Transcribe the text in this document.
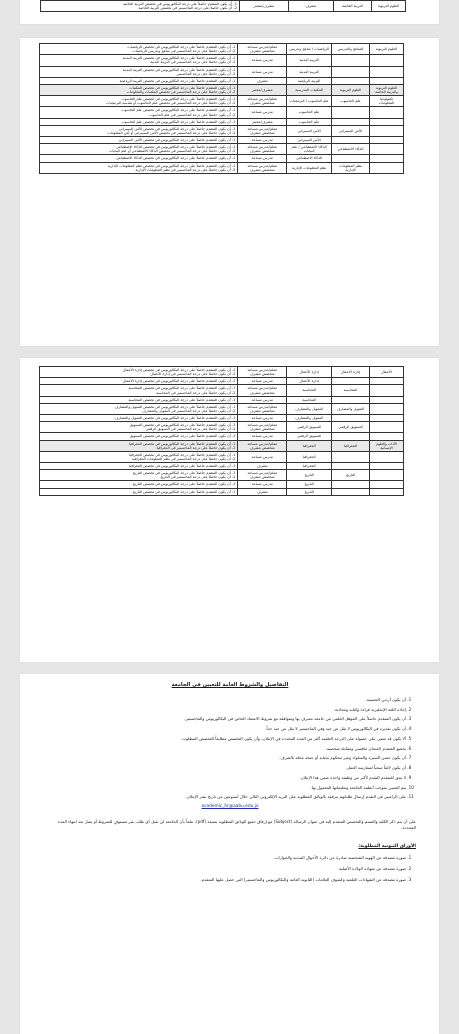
العلوم التربوية	التربية الخاصة	مشرف	مشرف/مختبر	
1- أن يكون المتقدم حاصلاً على درجة البكالوريوس في تخصص التربية الخاصة
2- أن يكون حاصلاً على درجة الماجستير في تخصص التربية الخاصة
العلوم التربوية	المناهج والتدريس	الرياضيات / مناهج وتدريس	معلم/مدرس مساعد متخصص مشرف	1- أن يكون المتقدم حاصلاً على درجة البكالوريوس في تخصص الرياضيات
2- أن يكون حاصلاً على درجة الماجستير في مناهج وتدريس الرياضيات

		التربية البدنية	مدرس مساعد	1- أن يكون المتقدم حاصلاً على درجة البكالوريوس في تخصص التربية البدنية
2- أن يكون حاصلاً على درجة الماجستير في التربية البدنية

		التربية البدنية	مدرس مساعد	1- أن يكون المتقدم حاصلاً على درجة البكالوريوس في تخصص التربية البدنية
2- أن يكون حاصلاً على درجة الماجستير

		التربية الرياضية	مشرف	1- أن يكون المتقدم حاصلاً على درجة البكالوريوس في تخصص التربية الرياضية

العلوم التربوية والتربية الخاصة	العلوم التربوية	المكتبات المدرسية	مشرف/مختبر	1- أن يكون المتقدم حاصلاً على درجة البكالوريوس في تخصص المكتبات
2- أن يكون حاصلاً على درجة الماجستير في تخصص المكتبات والمعلومات

تكنولوجيا المعلومات	علم الحاسوب	علم الحاسوب / البرمجيات	معلم/مدرس مساعد متخصص مشرف	1- أن يكون المتقدم حاصلاً على درجة البكالوريوس في تخصص علم الحاسوب
2- أن يكون حاصلاً على درجة الماجستير في تخصص علم الحاسوب أو هندسة البرمجيات

		علم الحاسوب	مدرس مساعد	1- أن يكون المتقدم حاصلاً على درجة البكالوريوس في تخصص علم الحاسوب
2- أن يكون حاصلاً على درجة الماجستير في علم الحاسوب

		علم الحاسوب	مشرف/مختبر	1- أن يكون المتقدم حاصلاً على درجة البكالوريوس في تخصص علم الحاسوب

	الأمن السيبراني	الأمن السيبراني	معلم/مدرس مساعد متخصص مشرف	1- أن يكون المتقدم حاصلاً على درجة البكالوريوس في تخصص الأمن السيبراني
2- أن يكون حاصلاً على درجة الماجستير في تخصص الأمن السيبراني أو أمن المعلومات

		الأمن السيبراني	مدرس مساعد	1- أن يكون المتقدم حاصلاً على درجة البكالوريوس في تخصص الأمن السيبراني

	الذكاء الاصطناعي	الذكاء الاصطناعي / علم البيانات	معلم/مدرس مساعد متخصص مشرف	1- أن يكون المتقدم حاصلاً على درجة البكالوريوس في تخصص الذكاء الاصطناعي
2- أن يكون حاصلاً على درجة الماجستير في تخصص الذكاء الاصطناعي أو علم البيانات

		الذكاء الاصطناعي	مدرس مساعد	1- أن يكون المتقدم حاصلاً على درجة البكالوريوس في تخصص الذكاء الاصطناعي

	نظم المعلومات الإدارية	نظم المعلومات الإدارية	معلم/مدرس مساعد متخصص مشرف	1- أن يكون المتقدم حاصلاً على درجة البكالوريوس في تخصص نظم المعلومات الإدارية
2- أن يكون حاصلاً على درجة الماجستير في نظم المعلومات الإدارية
الأعمال	إدارة الأعمال	إدارة الأعمال	معلم/مدرس مساعد متخصص مشرف	1- أن يكون المتقدم حاصلاً على درجة البكالوريوس في تخصص إدارة الأعمال
2- أن يكون حاصلاً على درجة الماجستير في إدارة الأعمال

		إدارة الأعمال	مدرس مساعد	1- أن يكون المتقدم حاصلاً على درجة البكالوريوس في تخصص إدارة الأعمال

	المحاسبة	المحاسبة	معلم/مدرس مساعد متخصص مشرف	1- أن يكون المتقدم حاصلاً على درجة البكالوريوس في تخصص المحاسبة
2- أن يكون حاصلاً على درجة الماجستير في المحاسبة

		المحاسبة	مدرس مساعد	1- أن يكون المتقدم حاصلاً على درجة البكالوريوس في تخصص المحاسبة

	التمويل والمصارف	التمويل والمصارف	معلم/مدرس مساعد متخصص مشرف	1- أن يكون المتقدم حاصلاً على درجة البكالوريوس في تخصص التمويل والمصارف
2- أن يكون حاصلاً على درجة الماجستير في التمويل والمصارف

		التمويل والمصارف	مدرس مساعد	1- أن يكون المتقدم حاصلاً على درجة البكالوريوس في تخصص التمويل والمصارف

	التسويق الرقمي	التسويق الرقمي	معلم/مدرس مساعد متخصص مشرف	1- أن يكون المتقدم حاصلاً على درجة البكالوريوس في تخصص التسويق
2- أن يكون حاصلاً على درجة الماجستير في التسويق الرقمي

		التسويق الرقمي	مدرس مساعد	1- أن يكون المتقدم حاصلاً على درجة البكالوريوس في تخصص التسويق

الآداب والعلوم الإنسانية	الجغرافيا	الجغرافيا	معلم/مدرس مساعد متخصص مشرف	1- أن يكون المتقدم حاصلاً على درجة البكالوريوس في تخصص الجغرافيا
2- أن يكون حاصلاً على درجة الماجستير في الجغرافيا

		الجغرافيا	مدرس مساعد	1- أن يكون المتقدم حاصلاً على درجة البكالوريوس في تخصص الجغرافيا
2- أن يكون حاصلاً على درجة الماجستير في نظم المعلومات الجغرافية

		الجغرافيا	مشرف	1- أن يكون المتقدم حاصلاً على درجة البكالوريوس في تخصص الجغرافيا

	التاريخ	التاريخ	معلم/مدرس مساعد متخصص مشرف	1- أن يكون المتقدم حاصلاً على درجة البكالوريوس في تخصص التاريخ
2- أن يكون حاصلاً على درجة الماجستير في التاريخ

		التاريخ	مدرس مساعد	1- أن يكون المتقدم حاصلاً على درجة البكالوريوس في تخصص التاريخ

		التاريخ	مشرف	1- أن يكون المتقدم حاصلاً على درجة البكالوريوس في تخصص التاريخ
التفاصيل والشروط العامة للتعيين في الجامعة
1. أن يكون أردني الجنسية.
2. إجادة اللغة الإنجليزية قراءة وكتابة ومحادثة.
3. أن يكون المتقدم حاصلاً على المؤهل العلمي من جامعة معترف بها ومتوافقة مع شروط الاعتماد الخاص في البكالوريوس والماجستير.
4. أن يكون تقديره في البكالوريوس لا يقل عن جيد وفي الماجستير لا يقل عن جيد جداً.
5. ألا يكون قد مضى على حصوله على الدرجة العلمية أكثر من المدة المحددة في الإعلان، وأن يكون التخصص مطابقاً للتخصص المطلوب.
6. يخضع المتقدم لامتحان تنافسي ومقابلة شخصية.
7. أن يكون حسن السيرة والسلوك وغير محكوم بجناية أو جنحة مخلة بالشرف.
8. أن يكون لائقاً صحياً لممارسة العمل.
9. لا يحق للمتقدم التقدم لأكثر من وظيفة واحدة ضمن هذا الإعلان.
10. يتم التعيين بموجب أنظمة الجامعة وتعليماتها المعمول بها.
11. على الراغبين في التقدم إرسال طلباتهم مرفقة بالوثائق المطلوبة على البريد الإلكتروني التالي خلال أسبوعين من تاريخ نشر الإعلان.
academic_hr@aabu.edu.jo

على أن يتم ذكر الكلية والقسم والتخصص المتقدم إليه في عنوان الرسالة (Subject) مع إرفاق جميع الوثائق المطلوبة بصيغة (pdf)، علماً بأن الجامعة لن تقبل أي طلب غير مستوفٍ للشروط أو يصل بعد انتهاء المدة المحددة.

الأوراق الثبوتية المطلوبة:
1. صورة مصدقة عن الهوية الشخصية صادرة عن دائرة الأحوال المدنية والجوازات.
2. صورة مصدقة عن شهادة الولادة الأصلية.
3. صورة مصدقة عن الشهادات العلمية وكشوف العلامات (الثانوية العامة والبكالوريوس والماجستير) التي حصل عليها المتقدم.
